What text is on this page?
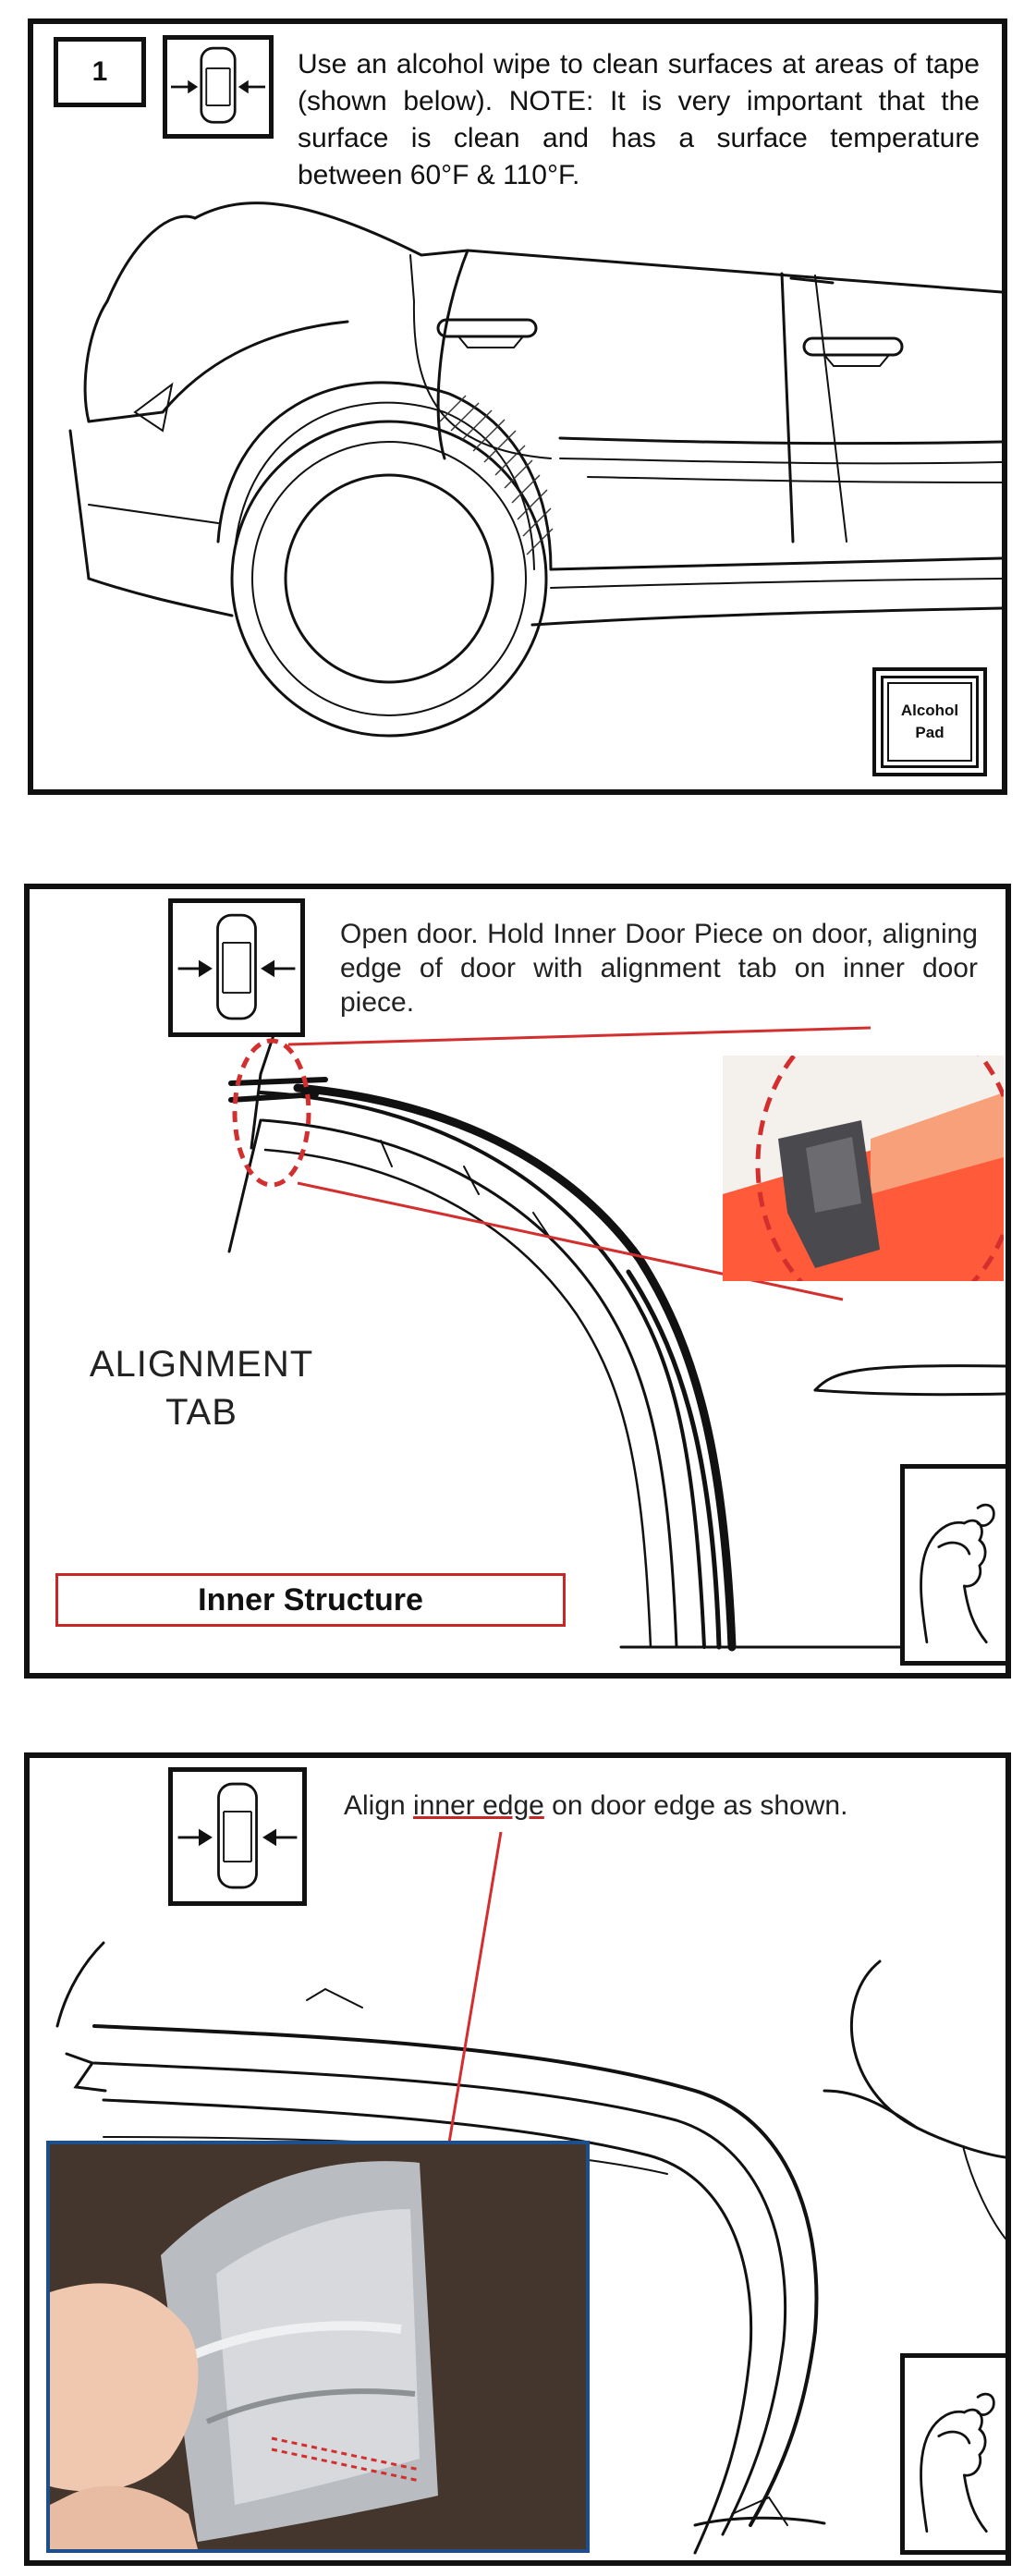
1	Use an alcohol wipe to clean surfaces at areas of tape (shown below). NOTE: It is very important that the surface is clean and has a surface temperature between 60°F & 110°F.
Alcohol
Pad
Open door. Hold Inner Door Piece on door, aligning edge of door with alignment tab on inner door piece.
ALIGNMENT
TAB
Inner Structure
Align inner edge on door edge as shown.
